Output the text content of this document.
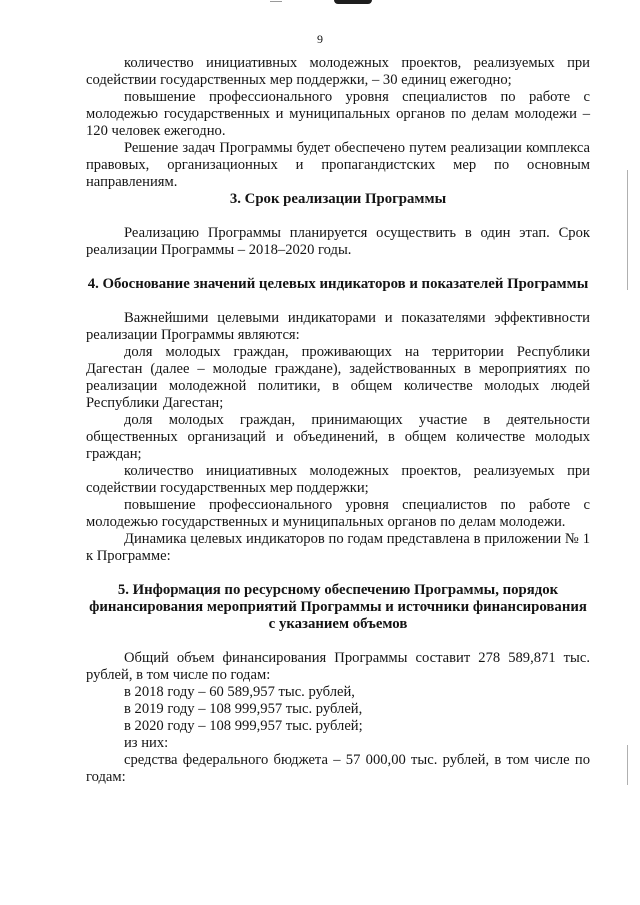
9
количество инициативных молодежных проектов, реализуемых при содействии государственных мер поддержки, – 30 единиц ежегодно;
повышение профессионального уровня специалистов по работе с молодежью государственных и муниципальных органов по делам молодежи –120 человек ежегодно.
Решение задач Программы будет обеспечено путем реализации комплекса правовых, организационных и пропагандистских мер по основным направлениям.
3. Срок реализации Программы
Реализацию Программы планируется осуществить в один этап. Срок реализации Программы – 2018–2020 годы.
4. Обоснование значений целевых индикаторов и показателей Программы
Важнейшими целевыми индикаторами и показателями эффективности реализации Программы являются:
доля молодых граждан, проживающих на территории Республики Дагестан (далее – молодые граждане), задействованных в мероприятиях по реализации молодежной политики, в общем количестве молодых людей Республики Дагестан;
доля молодых граждан, принимающих участие в деятельности общественных организаций и объединений, в общем количестве молодых граждан;
количество инициативных молодежных проектов, реализуемых при содействии государственных мер поддержки;
повышение профессионального уровня специалистов по работе с молодежью государственных и муниципальных органов по делам молодежи.
Динамика целевых индикаторов по годам представлена в приложении № 1 к Программе:
5. Информация по ресурсному обеспечению Программы, порядок финансирования мероприятий Программы и источники финансирования с указанием объемов
Общий объем финансирования Программы составит 278 589,871 тыс. рублей, в том числе по годам:
в 2018 году – 60 589,957 тыс. рублей,
в 2019 году – 108 999,957 тыс. рублей,
в 2020 году – 108 999,957 тыс. рублей;
из них:
средства федерального бюджета – 57 000,00 тыс. рублей, в том числе по годам:
